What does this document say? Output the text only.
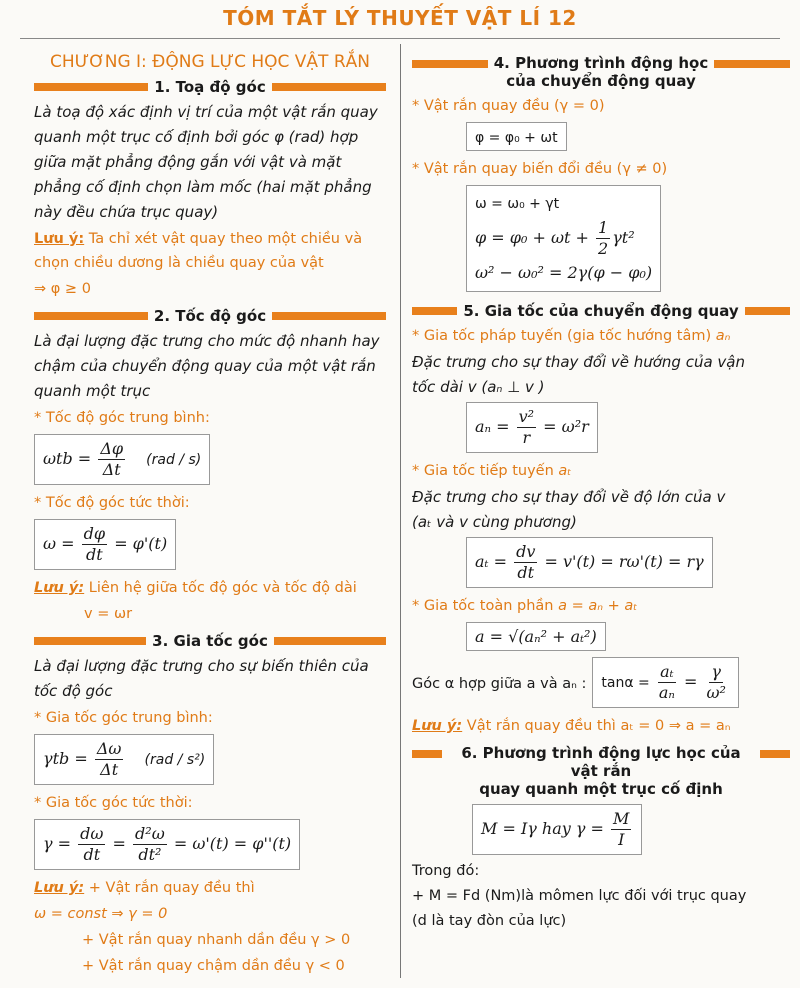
TÓM TẮT LÝ THUYẾT VẬT LÍ 12
CHƯƠNG I: ĐỘNG LỰC HỌC VẬT RẮN
1. Toạ độ góc

Là toạ độ xác định vị trí của một vật rắn quay quanh một trục cố định bởi góc φ (rad) hợp giữa mặt phẳng động gắn với vật và mặt phẳng cố định chọn làm mốc (hai mặt phẳng này đều chứa trục quay)

Lưu ý: Ta chỉ xét vật quay theo một chiều và chọn chiều dương là chiều quay của vật
⇒ φ ≥ 0
2. Tốc độ góc

Là đại lượng đặc trưng cho mức độ nhanh hay chậm của chuyển động quay của một vật rắn quanh một trục

* Tốc độ góc trung bình:
$\omega tb = \frac{\Delta\varphi}{\Delta t} (rad / s)$
* Tốc độ góc tức thời:
$\omega = \frac{d\varphi}{dt} = \varphi'(t)$
Lưu ý: Liên hệ giữa tốc độ góc và tốc độ dài
v = ωr
3. Gia tốc góc

Là đại lượng đặc trưng cho sự biến thiên của tốc độ góc

* Gia tốc góc trung bình:
$\gamma tb = \frac{\Delta\omega}{\Delta t} (rad / s^2)$
* Gia tốc góc tức thời:
$\gamma = \frac{d\omega}{dt} = \frac{\text{d²ω}}{\text{dt²}} = \omega'(t) = \varphi''(t)$
Lưu ý: + Vật rắn quay đều thì
ω = const ⇒ γ = 0
+ Vật rắn quay nhanh dần đều γ > 0
+ Vật rắn quay chậm dần đều γ < 0
4. Phương trình động học
của chuyển động quay
* Vật rắn quay đều (γ = 0)
φ = φ₀ + ωt
* Vật rắn quay biến đổi đều (γ ≠ 0)
ω = ω₀ + γt
$\varphi = \varphi_0 + \omega t + \frac{1}{2} \gamma t^2$
ω² − ω₀² = 2γ(φ − φ₀)
5. Gia tốc của chuyển động quay
* Gia tốc pháp tuyến (gia tốc hướng tâm) aₙ

Đặc trưng cho sự thay đổi về hướng của vận

tốc dài v (aₙ ⊥ v )

$a_n = \frac{\text{v²}}{r} = \omega^2r$
* Gia tốc tiếp tuyến aₜ

Đặc trưng cho sự thay đổi về độ lớn của v

(aₜ và v cùng phương)

$a_t = \frac{dv}{dt} = v'(t) = r\omega'(t) = r\gamma$
* Gia tốc toàn phần a = aₙ + aₜ
a = √(aₙ² + aₜ²)
Góc α hợp giữa a và aₙ :	$\tan\alpha = \frac{\text{aₜ}}{\text{aₙ}} = \frac{\gamma}{\text{ω²}}$
Lưu ý: Vật rắn quay đều thì aₜ = 0 ⇒ a = aₙ
6. Phương trình động lực học của vật rắn
quay quanh một trục cố định
M = Iγ hay $\gamma = \frac{M}{I}$
Trong đó:
+ M = Fd (Nm)là mômen lực đối với trục quay
(d là tay đòn của lực)
